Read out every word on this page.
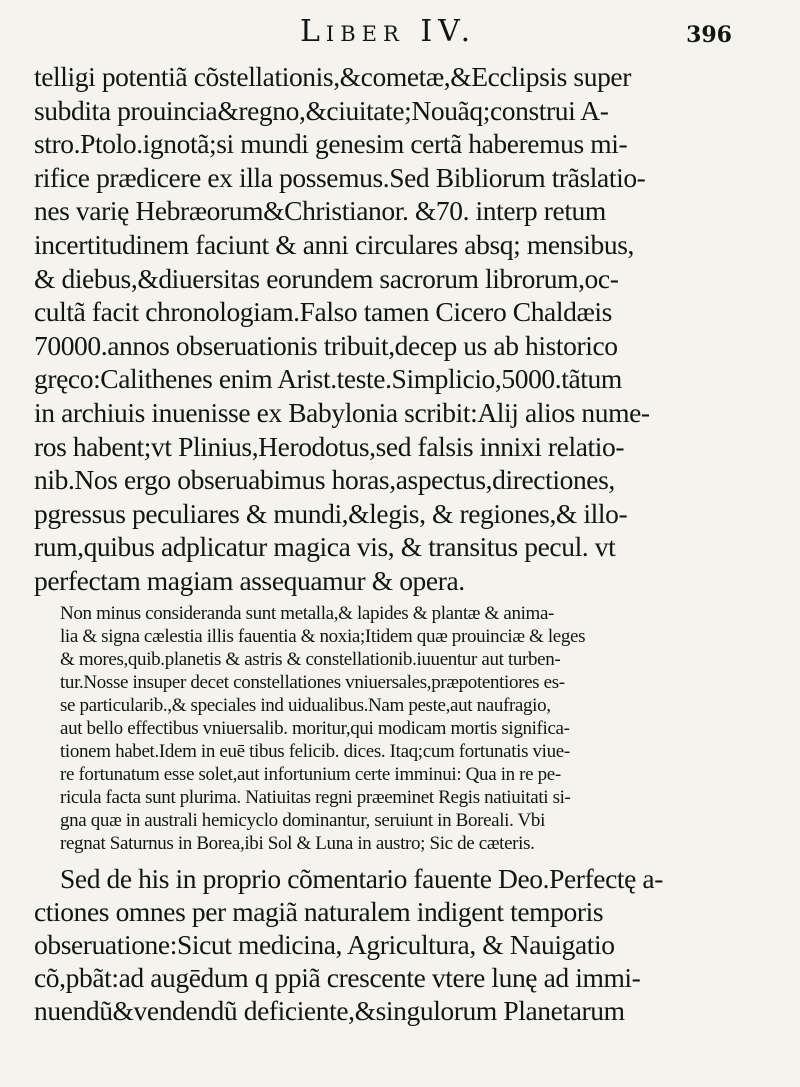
Liber IV.	396
telligi potentiã cõstellationis,&cometæ,&Ecclipsis super
subdita prouincia&regno,&ciuitate;Nouãq;construi A-
stro.Ptolo.ignotã;si mundi genesim certã haberemus mi-
rifice prædicere ex illa possemus.Sed Bibliorum trãslatio-
nes varię Hebræorum&Christianor. &70. interp retum
incertitudinem faciunt & anni circulares absq; mensibus,
& diebus,&diuersitas eorundem sacrorum librorum,oc-
cultã facit chronologiam.Falso tamen Cicero Chaldæis
70000.annos obseruationis tribuit,decep us ab historico
gręco:Calithenes enim Arist.teste.Simplicio,5000.tãtum
in archiuis inuenisse ex Babylonia scribit:Alij alios nume-
ros habent;vt Plinius,Herodotus,sed falsis innixi relatio-
nib.Nos ergo obseruabimus horas,aspectus,directiones,
pgressus peculiares & mundi,&legis, & regiones,& illo-
rum,quibus adplicatur magica vis, & transitus pecul. vt
perfectam magiam assequamur & opera.
Non minus consideranda sunt metalla,& lapides & plantæ & anima-
lia & signa cælestia illis fauentia & noxia;Itidem quæ prouinciæ & leges
& mores,quib.planetis & astris & constellationib.iuuentur aut turben-
tur.Nosse insuper decet constellationes vniuersales,præpotentiores es-
se particularib.,& speciales ind uidualibus.Nam peste,aut naufragio,
aut bello effectibus vniuersalib. moritur,qui modicam mortis significa-
tionem habet.Idem in euē tibus felicib. dices. Itaq;cum fortunatis viue-
re fortunatum esse solet,aut infortunium certe imminui: Qua in re pe-
ricula facta sunt plurima. Natiuitas regni præeminet Regis natiuitati si-
gna quæ in australi hemicyclo dominantur, seruiunt in Boreali. Vbi
regnat Saturnus in Borea,ibi Sol & Luna in austro; Sic de cæteris.
Sed de his in proprio cõmentario fauente Deo.Perfectę a-
ctiones omnes per magiã naturalem indigent temporis
obseruatione:Sicut medicina, Agricultura, & Nauigatio
cõ,pbãt:ad augēdum q ppiã crescente vtere lunę ad immi-
nuendũ&vendendũ deficiente,&singulorum Planetarum
